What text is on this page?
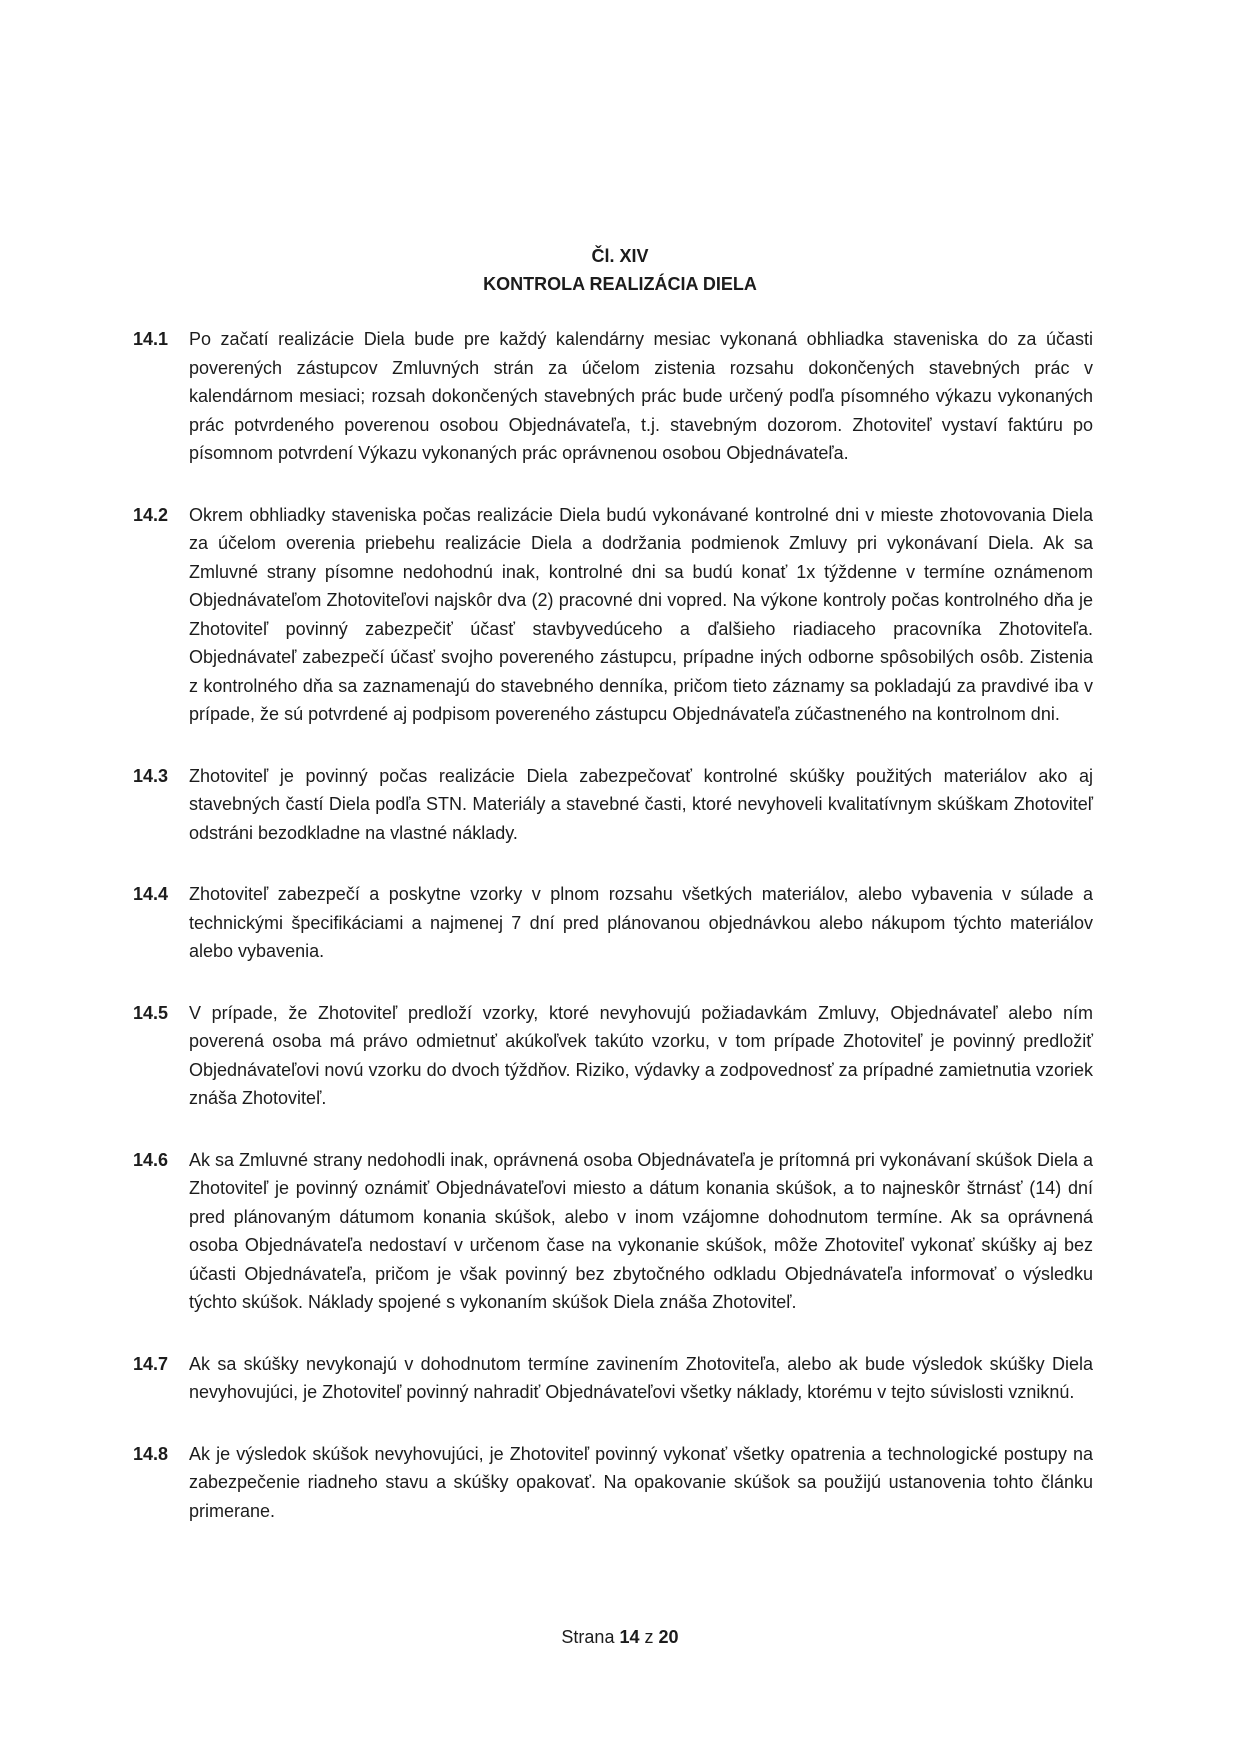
Čl. XIV
KONTROLA REALIZÁCIA DIELA
14.1	Po začatí realizácie Diela bude pre každý kalendárny mesiac vykonaná obhliadka staveniska do za účasti poverených zástupcov Zmluvných strán za účelom zistenia rozsahu dokončených stavebných prác v kalendárnom mesiaci; rozsah dokončených stavebných prác bude určený podľa písomného výkazu vykonaných prác potvrdeného poverenou osobou Objednávateľa, t.j. stavebným dozorom. Zhotoviteľ vystaví faktúru po písomnom potvrdení Výkazu vykonaných prác oprávnenou osobou Objednávateľa.
14.2	Okrem obhliadky staveniska počas realizácie Diela budú vykonávané kontrolné dni v mieste zhotovovania Diela za účelom overenia priebehu realizácie Diela a dodržania podmienok Zmluvy pri vykonávaní Diela. Ak sa Zmluvné strany písomne nedohodnú inak, kontrolné dni sa budú konať 1x týždenne v termíne oznámenom Objednávateľom Zhotoviteľovi najskôr dva (2) pracovné dni vopred. Na výkone kontroly počas kontrolného dňa je Zhotoviteľ povinný zabezpečiť účasť stavbyvedúceho a ďalšieho riadiaceho pracovníka Zhotoviteľa. Objednávateľ zabezpečí účasť svojho povereného zástupcu, prípadne iných odborne spôsobilých osôb. Zistenia z kontrolného dňa sa zaznamenajú do stavebného denníka, pričom tieto záznamy sa pokladajú za pravdivé iba v prípade, že sú potvrdené aj podpisom povereného zástupcu Objednávateľa zúčastneného na kontrolnom dni.
14.3	Zhotoviteľ je povinný počas realizácie Diela zabezpečovať kontrolné skúšky použitých materiálov ako aj stavebných častí Diela podľa STN. Materiály a stavebné časti, ktoré nevyhoveli kvalitatívnym skúškam Zhotoviteľ odstráni bezodkladne na vlastné náklady.
14.4	Zhotoviteľ zabezpečí a poskytne vzorky v plnom rozsahu všetkých materiálov, alebo vybavenia v súlade a technickými špecifikáciami a najmenej 7 dní pred plánovanou objednávkou alebo nákupom týchto materiálov alebo vybavenia.
14.5	V prípade, že Zhotoviteľ predloží vzorky, ktoré nevyhovujú požiadavkám Zmluvy, Objednávateľ alebo ním poverená osoba má právo odmietnuť akúkoľvek takúto vzorku, v tom prípade Zhotoviteľ je povinný predložiť Objednávateľovi novú vzorku do dvoch týždňov. Riziko, výdavky a zodpovednosť za prípadné zamietnutia vzoriek znáša Zhotoviteľ.
14.6	Ak sa Zmluvné strany nedohodli inak, oprávnená osoba Objednávateľa je prítomná pri vykonávaní skúšok Diela a Zhotoviteľ je povinný oznámiť Objednávateľovi miesto a dátum konania skúšok, a to najneskôr štrnásť (14) dní pred plánovaným dátumom konania skúšok, alebo v inom vzájomne dohodnutom termíne. Ak sa oprávnená osoba Objednávateľa nedostaví v určenom čase na vykonanie skúšok, môže Zhotoviteľ vykonať skúšky aj bez účasti Objednávateľa, pričom je však povinný bez zbytočného odkladu Objednávateľa informovať o výsledku týchto skúšok. Náklady spojené s vykonaním skúšok Diela znáša Zhotoviteľ.
14.7	Ak sa skúšky nevykonajú v dohodnutom termíne zavinením Zhotoviteľa, alebo ak bude výsledok skúšky Diela nevyhovujúci, je Zhotoviteľ povinný nahradiť Objednávateľovi všetky náklady, ktorému v tejto súvislosti vzniknú.
14.8	Ak je výsledok skúšok nevyhovujúci, je Zhotoviteľ povinný vykonať všetky opatrenia a technologické postupy na zabezpečenie riadneho stavu a skúšky opakovať. Na opakovanie skúšok sa použijú ustanovenia tohto článku primerane.
Strana 14 z 20
